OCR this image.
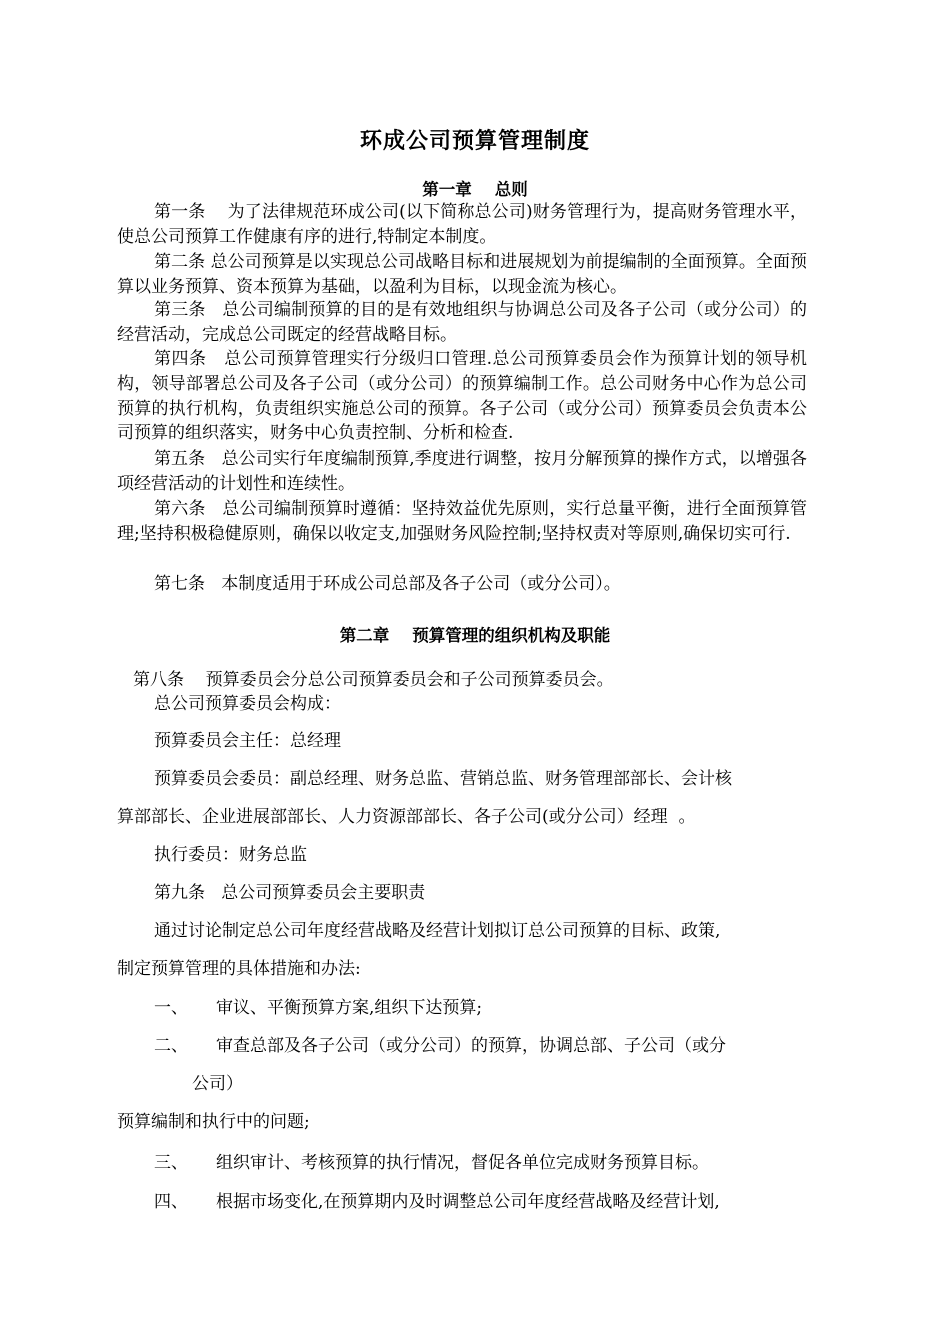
环成公司预算管理制度
第一章    总则
第一条    为了法律规范环成公司(以下简称总公司)财务管理行为，提高财务管理水平，使总公司预算工作健康有序的进行,特制定本制度。
第二条 总公司预算是以实现总公司战略目标和进展规划为前提编制的全面预算。全面预算以业务预算、资本预算为基础，以盈利为目标，以现金流为核心。
第三条   总公司编制预算的目的是有效地组织与协调总公司及各子公司（或分公司）的经营活动，完成总公司既定的经营战略目标。
第四条   总公司预算管理实行分级归口管理.总公司预算委员会作为预算计划的领导机构，领导部署总公司及各子公司（或分公司）的预算编制工作。总公司财务中心作为总公司预算的执行机构，负责组织实施总公司的预算。各子公司（或分公司）预算委员会负责本公司预算的组织落实，财务中心负责控制、分析和检查.
第五条   总公司实行年度编制预算,季度进行调整，按月分解预算的操作方式，以增强各项经营活动的计划性和连续性。
第六条   总公司编制预算时遵循：坚持效益优先原则，实行总量平衡，进行全面预算管理;坚持积极稳健原则，确保以收定支,加强财务风险控制;坚持权责对等原则,确保切实可行.
第七条   本制度适用于环成公司总部及各子公司（或分公司）。
第二章    预算管理的组织机构及职能
第八条    预算委员会分总公司预算委员会和子公司预算委员会。
总公司预算委员会构成：
预算委员会主任：总经理
预算委员会委员：副总经理、财务总监、营销总监、财务管理部部长、会计核
算部部长、企业进展部部长、人力资源部部长、各子公司(或分公司）经理  。
执行委员：财务总监
第九条   总公司预算委员会主要职责
通过讨论制定总公司年度经营战略及经营计划拟订总公司预算的目标、政策,
制定预算管理的具体措施和办法:
一、 审议、平衡预算方案,组织下达预算;
二、 审查总部及各子公司（或分公司）的预算，协调总部、子公司（或分
公司）
预算编制和执行中的问题;
三、 组织审计、考核预算的执行情况，督促各单位完成财务预算目标。
四、 根据市场变化,在预算期内及时调整总公司年度经营战略及经营计划,
